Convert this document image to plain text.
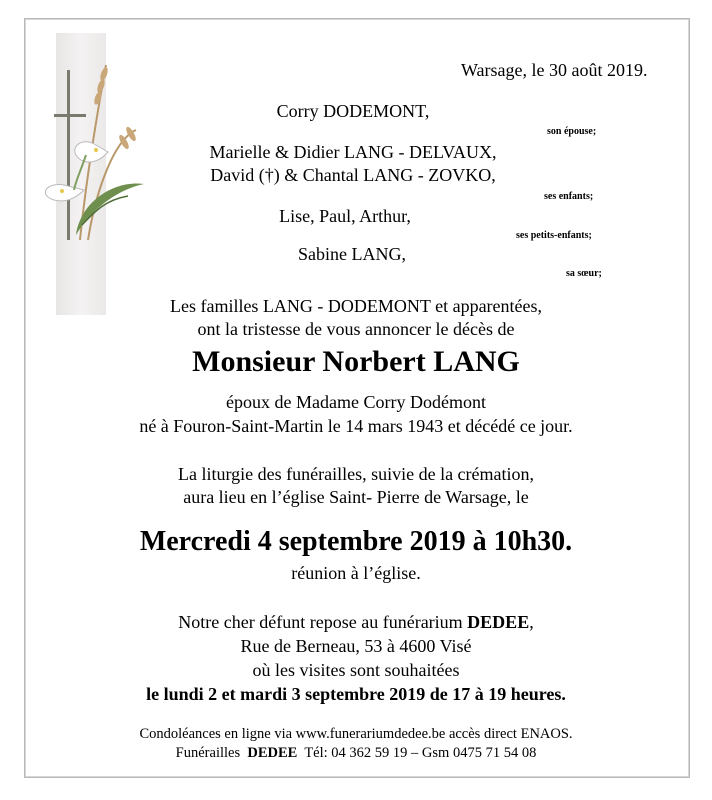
Warsage, le 30 août 2019.
Corry DODEMONT,
son épouse;
Marielle & Didier LANG - DELVAUX,
David (†) & Chantal LANG - ZOVKO,
ses enfants;
Lise, Paul, Arthur,
ses petits-enfants;
Sabine LANG,
sa sœur;
Les familles LANG - DODEMONT et apparentées,
ont la tristesse de vous annoncer le décès de
Monsieur Norbert LANG
époux de Madame Corry Dodémont
né à Fouron-Saint-Martin le 14 mars 1943 et décédé ce jour.
La liturgie des funérailles, suivie de la crémation,
aura lieu en l’église Saint- Pierre de Warsage, le
Mercredi 4 septembre 2019 à 10h30.
réunion à l’église.
Notre cher défunt repose au funérarium DEDEE,
Rue de Berneau, 53 à 4600 Visé
où les visites sont souhaitées
le lundi 2 et mardi 3 septembre 2019 de 17 à 19 heures.
Condoléances en ligne via www.funerariumdedee.be accès direct ENAOS.
Funérailles  DEDEE  Tél: 04 362 59 19 – Gsm 0475 71 54 08
